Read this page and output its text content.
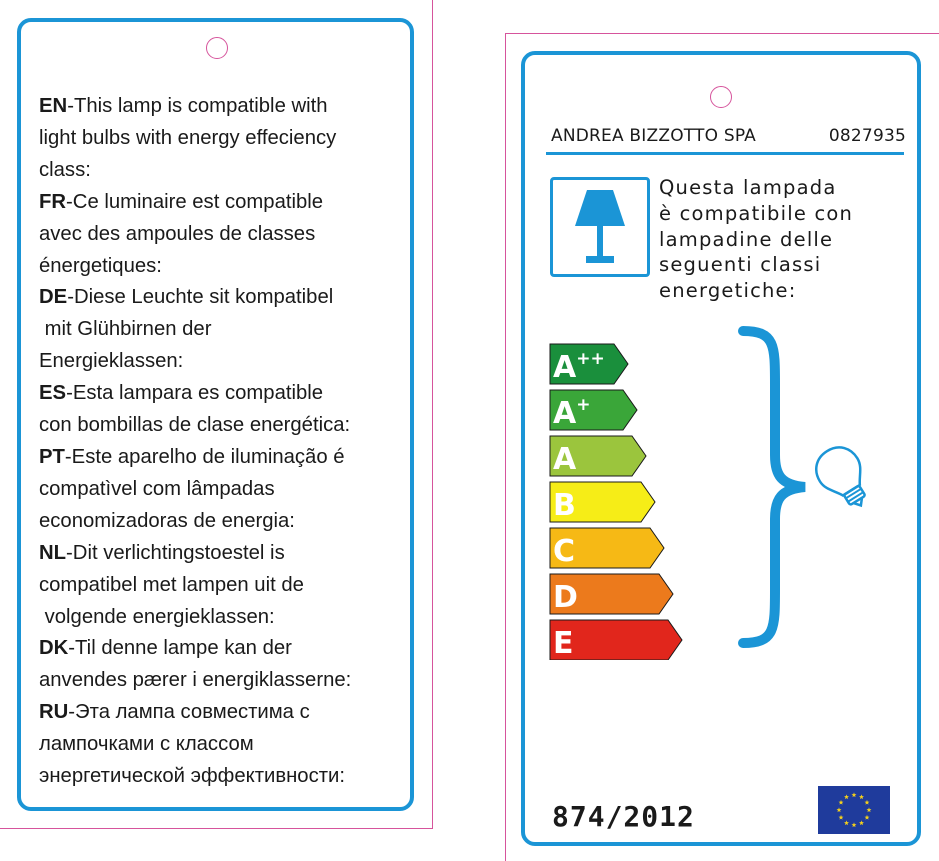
EN-This lamp is compatible with
light bulbs with energy effeciency
class:
FR-Ce luminaire est compatible
avec des ampoules de classes
énergetiques:
DE-Diese Leuchte sit kompatibel
mit Glühbirnen der
Energieklassen:
ES-Esta lampara es compatible
con bombillas de clase energética:
PT-Este aparelho de iluminação é
compatìvel com lâmpadas
economizadoras de energia:
NL-Dit verlichtingstoestel is
compatibel met lampen uit de
volgende energieklassen:
DK-Til denne lampe kan der
anvendes pærer i energiklasserne:
RU-Эта лампа совместима с
лампочками с классом
энергетической эффективности:
ANDREA BIZZOTTO SPA	0827935
Questa lampada
è compatibile con
lampadine delle
seguenti classi
energetiche:
A++
A+
A
B
C
D
E
874/2012
